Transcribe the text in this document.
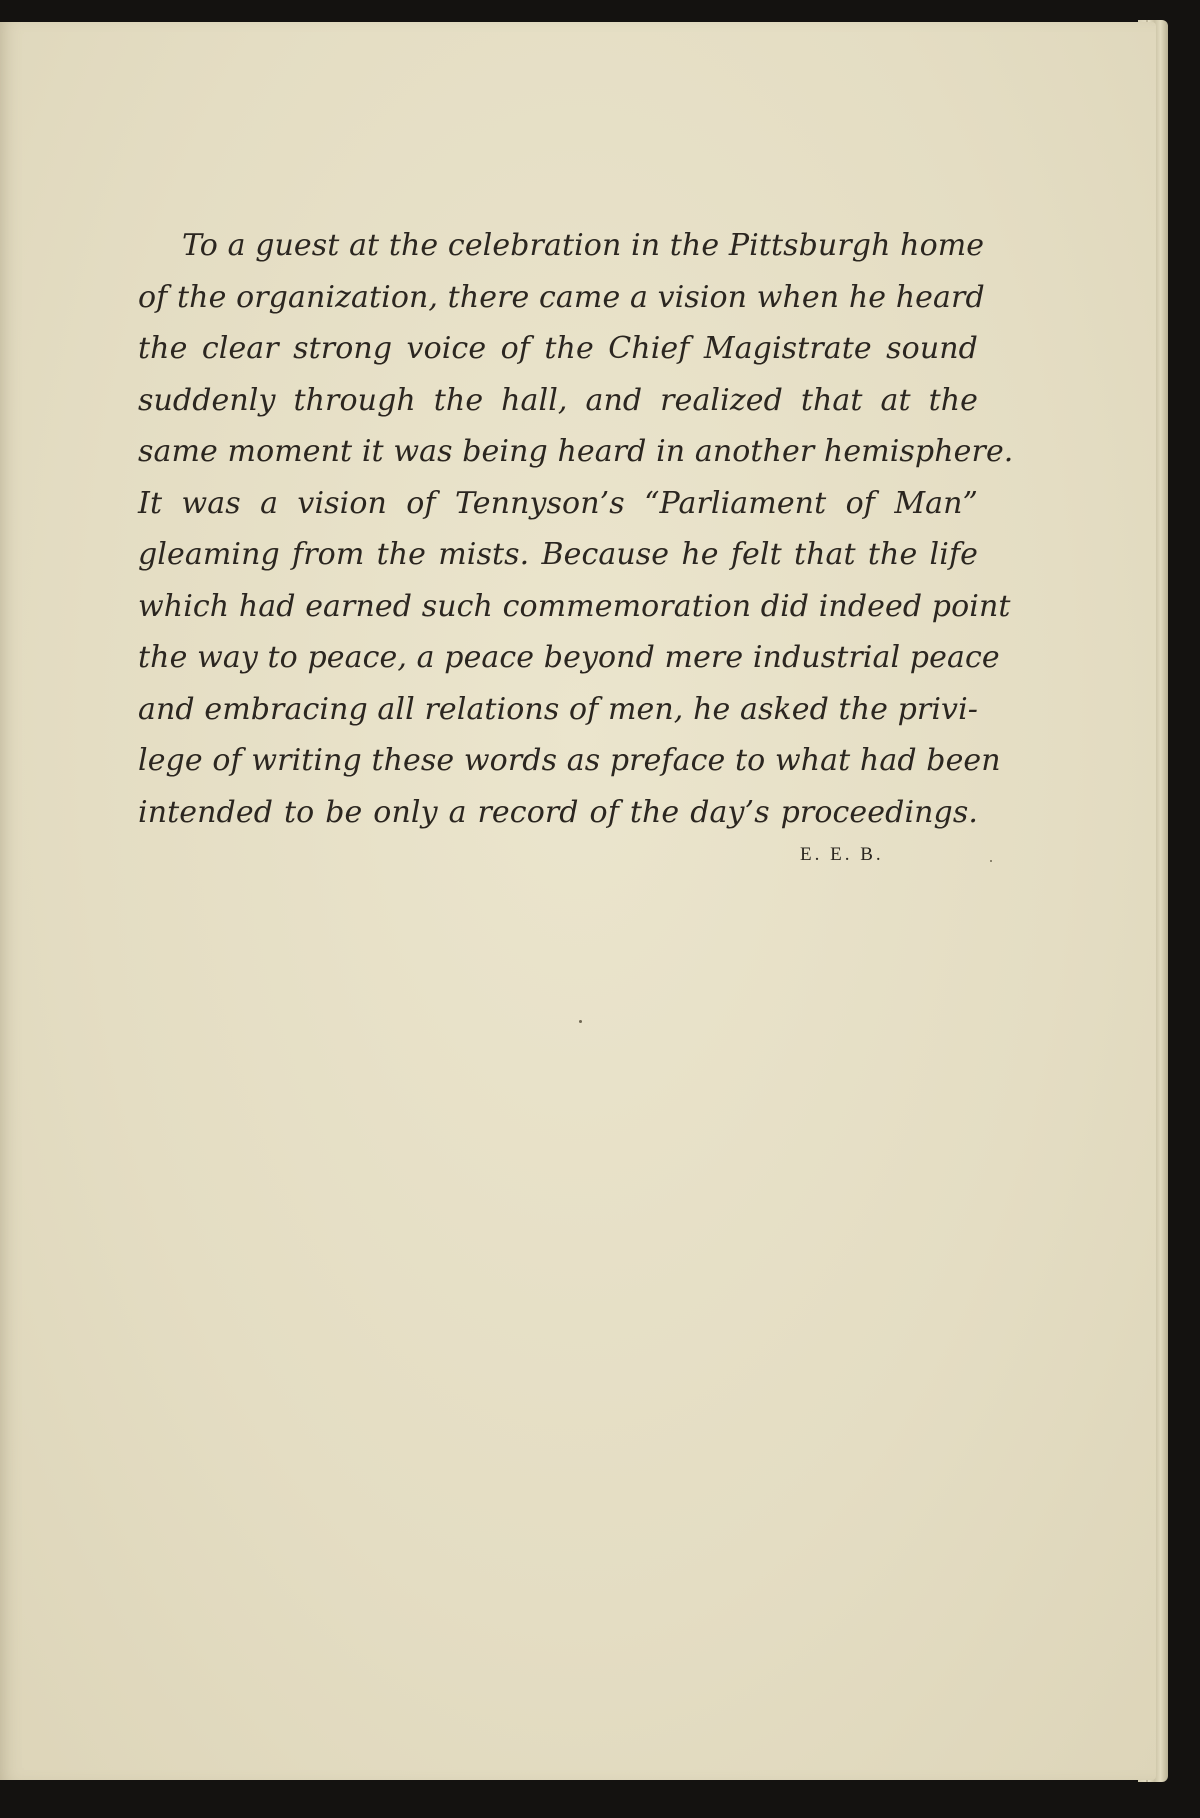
To a guest at the celebration in the Pittsburgh home
of the organization, there came a vision when he heard
the clear strong voice of the Chief Magistrate sound
suddenly through the hall, and realized that at the
same moment it was being heard in another hemisphere.
It was a vision of Tennyson’s “Parliament of Man”
gleaming from the mists. Because he felt that the life
which had earned such commemoration did indeed point
the way to peace, a peace beyond mere industrial peace
and embracing all relations of men, he asked the privi-
lege of writing these words as preface to what had been
intended to be only a record of the day’s proceedings.
E. E. B.
